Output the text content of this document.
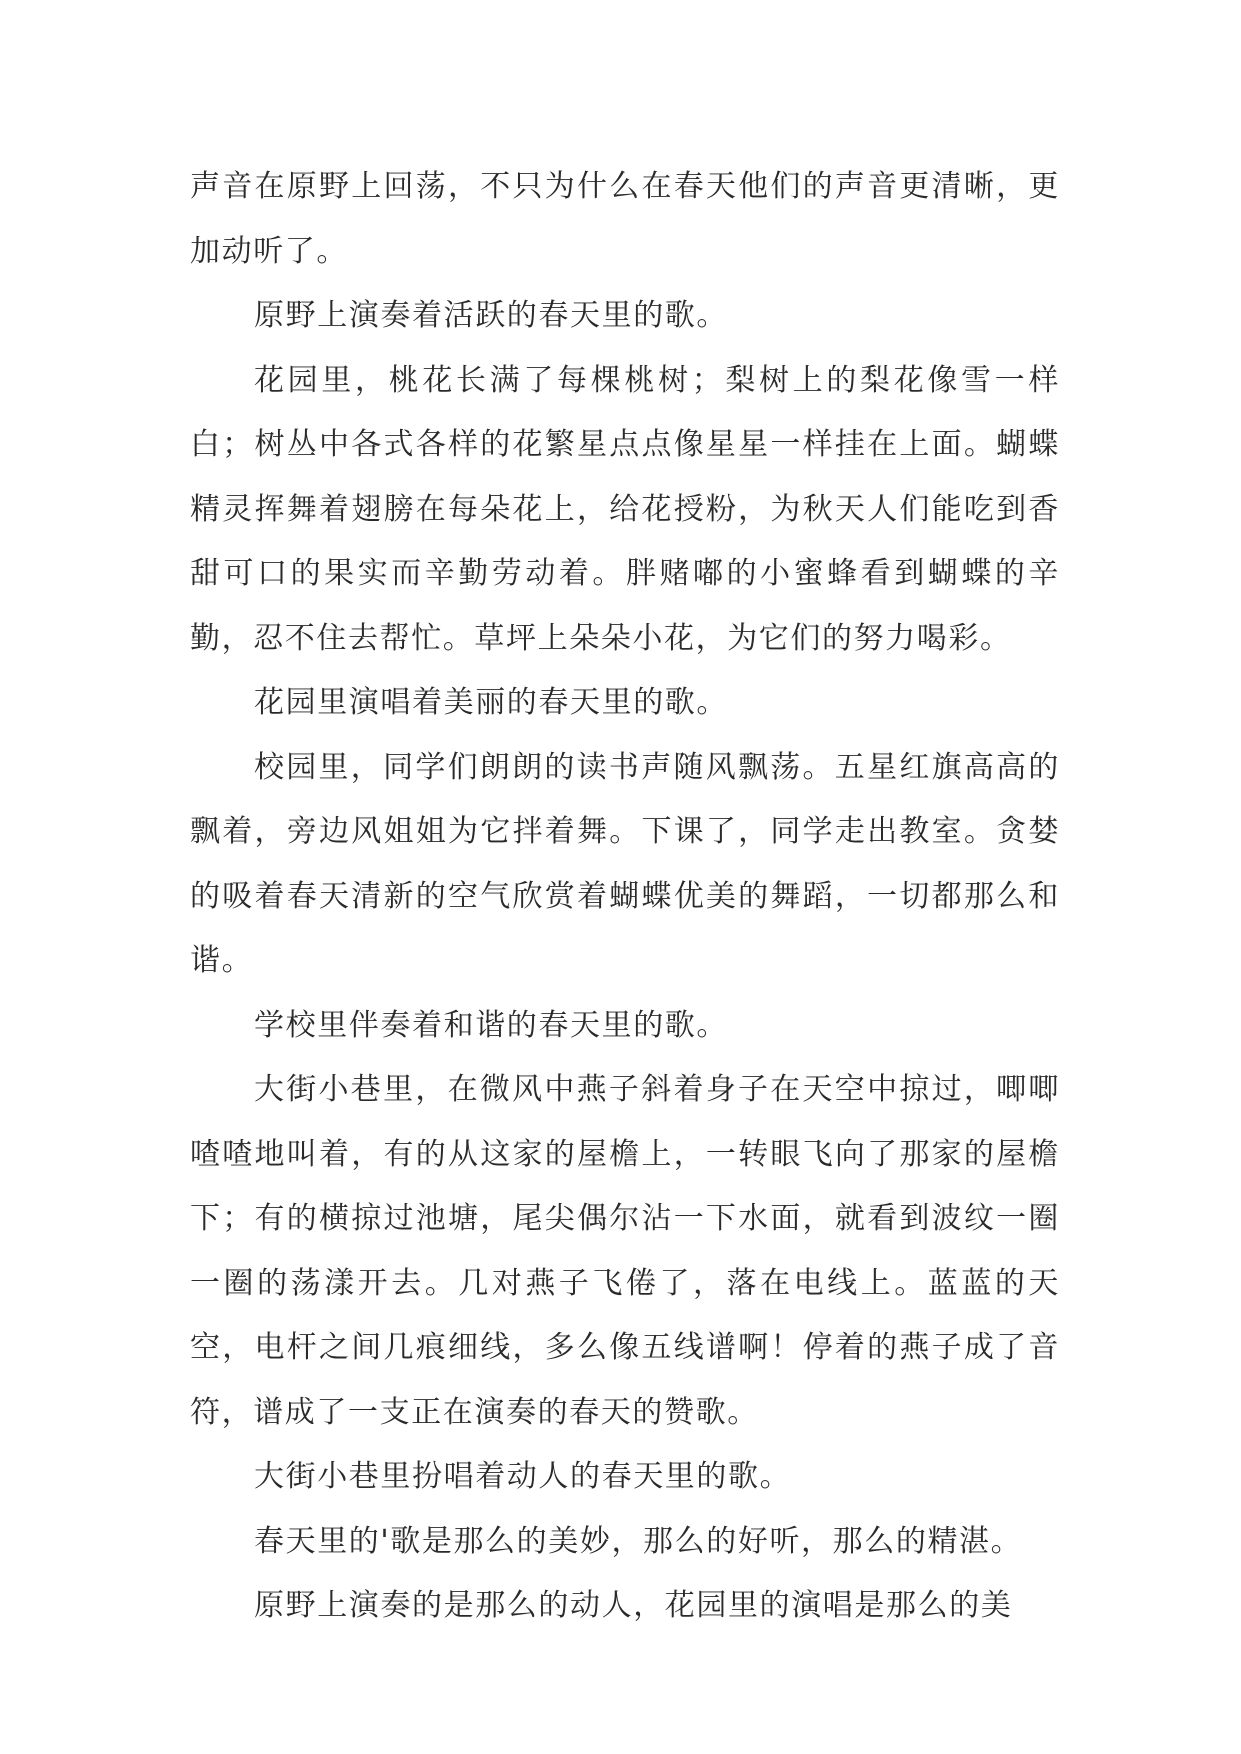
声音在原野上回荡，不只为什么在春天他们的声音更清晰，更加动听了。

原野上演奏着活跃的春天里的歌。

花园里，桃花长满了每棵桃树；梨树上的梨花像雪一样白；树丛中各式各样的花繁星点点像星星一样挂在上面。蝴蝶精灵挥舞着翅膀在每朵花上，给花授粉，为秋天人们能吃到香甜可口的果实而辛勤劳动着。胖赌嘟的小蜜蜂看到蝴蝶的辛勤，忍不住去帮忙。草坪上朵朵小花，为它们的努力喝彩。

花园里演唱着美丽的春天里的歌。

校园里，同学们朗朗的读书声随风飘荡。五星红旗高高的飘着，旁边风姐姐为它拌着舞。下课了，同学走出教室。贪婪的吸着春天清新的空气欣赏着蝴蝶优美的舞蹈，一切都那么和谐。

学校里伴奏着和谐的春天里的歌。

大街小巷里，在微风中燕子斜着身子在天空中掠过，唧唧喳喳地叫着，有的从这家的屋檐上，一转眼飞向了那家的屋檐下；有的横掠过池塘，尾尖偶尔沾一下水面，就看到波纹一圈一圈的荡漾开去。几对燕子飞倦了，落在电线上。蓝蓝的天空，电杆之间几痕细线，多么像五线谱啊！停着的燕子成了音符，谱成了一支正在演奏的春天的赞歌。

大街小巷里扮唱着动人的春天里的歌。

春天里的'歌是那么的美妙，那么的好听，那么的精湛。

原野上演奏的是那么的动人，花园里的演唱是那么的美
